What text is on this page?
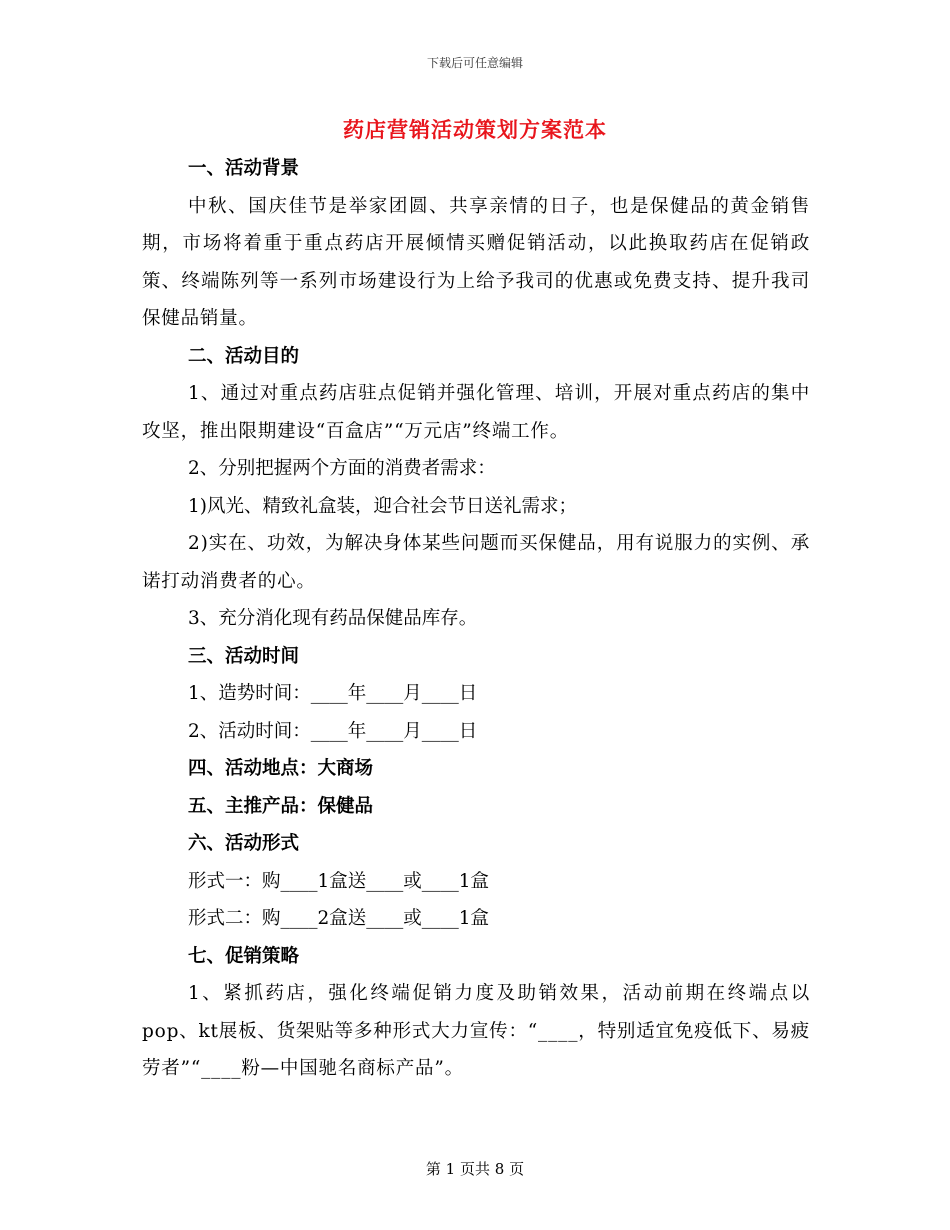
下载后可任意编辑
药店营销活动策划方案范本

一、活动背景

中秋、国庆佳节是举家团圆、共享亲情的日子，也是保健品的黄金销售期，市场将着重于重点药店开展倾情买赠促销活动，以此换取药店在促销政策、终端陈列等一系列市场建设行为上给予我司的优惠或免费支持、提升我司保健品销量。

二、活动目的

1、通过对重点药店驻点促销并强化管理、培训，开展对重点药店的集中攻坚，推出限期建设“百盒店”“万元店”终端工作。

2、分别把握两个方面的消费者需求：

1)风光、精致礼盒装，迎合社会节日送礼需求；

2)实在、功效，为解决身体某些问题而买保健品，用有说服力的实例、承诺打动消费者的心。

3、充分消化现有药品保健品库存。

三、活动时间

1、造势时间：____年____月____日

2、活动时间：____年____月____日

四、活动地点：大商场

五、主推产品：保健品

六、活动形式

形式一：购____1盒送____或____1盒

形式二：购____2盒送____或____1盒

七、促销策略

1、紧抓药店，强化终端促销力度及助销效果，活动前期在终端点以pop、kt展板、货架贴等多种形式大力宣传：“____，特别适宜免疫低下、易疲劳者”“____粉—中国驰名商标产品”。

第 1 页共 8 页
